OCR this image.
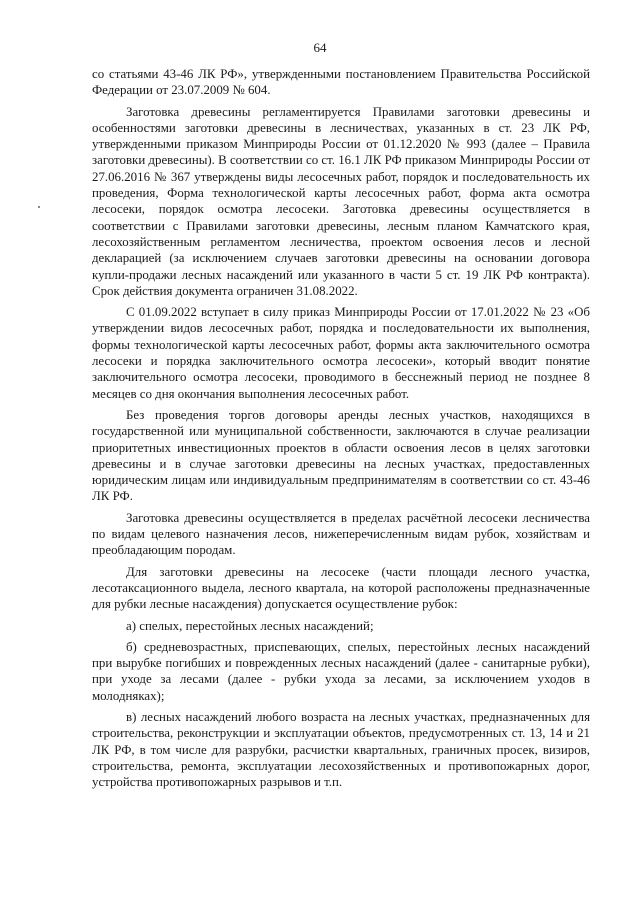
64

со статьями 43-46 ЛК РФ», утвержденными постановлением Правительства Российской Федерации от 23.07.2009 № 604.

Заготовка древесины регламентируется Правилами заготовки древесины и особенностями заготовки древесины в лесничествах, указанных в ст. 23 ЛК РФ, утвержденными приказом Минприроды России от 01.12.2020 № 993 (далее – Правила заготовки древесины). В соответствии со ст. 16.1 ЛК РФ приказом Минприроды России от 27.06.2016 № 367 утверждены виды лесосечных работ, порядок и последовательность их проведения, Форма технологической карты лесосечных работ, форма акта осмотра лесосеки, порядок осмотра лесосеки. Заготовка древесины осуществляется в соответствии с Правилами заготовки древесины, лесным планом Камчатского края, лесохозяйственным регламентом лесничества, проектом освоения лесов и лесной декларацией (за исключением случаев заготовки древесины на основании договора купли-продажи лесных насаждений или указанного в части 5 ст. 19 ЛК РФ контракта). Срок действия документа ограничен 31.08.2022.

С 01.09.2022 вступает в силу приказ Минприроды России от 17.01.2022 № 23 «Об утверждении видов лесосечных работ, порядка и последовательности их выполнения, формы технологической карты лесосечных работ, формы акта заключительного осмотра лесосеки и порядка заключительного осмотра лесосеки», который вводит понятие заключительного осмотра лесосеки, проводимого в бесснежный период не позднее 8 месяцев со дня окончания выполнения лесосечных работ.

Без проведения торгов договоры аренды лесных участков, находящихся в государственной или муниципальной собственности, заключаются в случае реализации приоритетных инвестиционных проектов в области освоения лесов в целях заготовки древесины и в случае заготовки древесины на лесных участках, предоставленных юридическим лицам или индивидуальным предпринимателям в соответствии со ст. 43-46 ЛК РФ.

Заготовка древесины осуществляется в пределах расчётной лесосеки лесничества по видам целевого назначения лесов, нижеперечисленным видам рубок, хозяйствам и преобладающим породам.

Для заготовки древесины на лесосеке (части площади лесного участка, лесотаксационного выдела, лесного квартала, на которой расположены предназначенные для рубки лесные насаждения) допускается осуществление рубок:

а) спелых, перестойных лесных насаждений;

б) средневозрастных, приспевающих, спелых, перестойных лесных насаждений при вырубке погибших и поврежденных лесных насаждений (далее - санитарные рубки), при уходе за лесами (далее - рубки ухода за лесами, за исключением уходов в молодняках);

в) лесных насаждений любого возраста на лесных участках, предназначенных для строительства, реконструкции и эксплуатации объектов, предусмотренных ст. 13, 14 и 21 ЛК РФ, в том числе для разрубки, расчистки квартальных, граничных просек, визиров, строительства, ремонта, эксплуатации лесохозяйственных и противопожарных дорог, устройства противопожарных разрывов и т.п.
